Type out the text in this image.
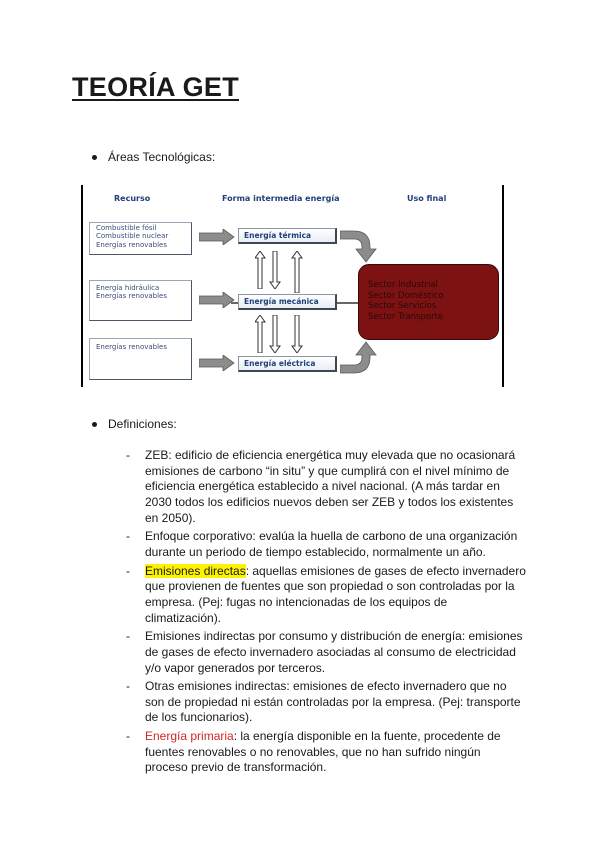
TEORÍA GET
Áreas Tecnológicas:
Recurso	Forma intermedia energía	Uso final
Combustible fósil
Combustible nuclear
Energías renovables
Energía hidráulica
Energías renovables
Energías renovables
Energía térmica
Energía mecánica
Energía eléctrica
Sector Industrial
Sector Doméstico
Sector Servicios
Sector Transporte
Definiciones:
- ZEB: edificio de eficiencia energética muy elevada que no ocasionará emisiones de carbono “in situ” y que cumplirá con el nivel mínimo de eficiencia energética establecido a nivel nacional. (A más tardar en 2030 todos los edificios nuevos deben ser ZEB y todos los existentes en 2050).
- Enfoque corporativo: evalúa la huella de carbono de una organización durante un periodo de tiempo establecido, normalmente un año.
- Emisiones directas: aquellas emisiones de gases de efecto invernadero que provienen de fuentes que son propiedad o son controladas por la empresa. (Pej: fugas no intencionadas de los equipos de climatización).
- Emisiones indirectas por consumo y distribución de energía: emisiones de gases de efecto invernadero asociadas al consumo de electricidad y/o vapor generados por terceros.
- Otras emisiones indirectas: emisiones de efecto invernadero que no son de propiedad ni están controladas por la empresa. (Pej: transporte de los funcionarios).
- Energía primaria: la energía disponible en la fuente, procedente de fuentes renovables o no renovables, que no han sufrido ningún proceso previo de transformación.
